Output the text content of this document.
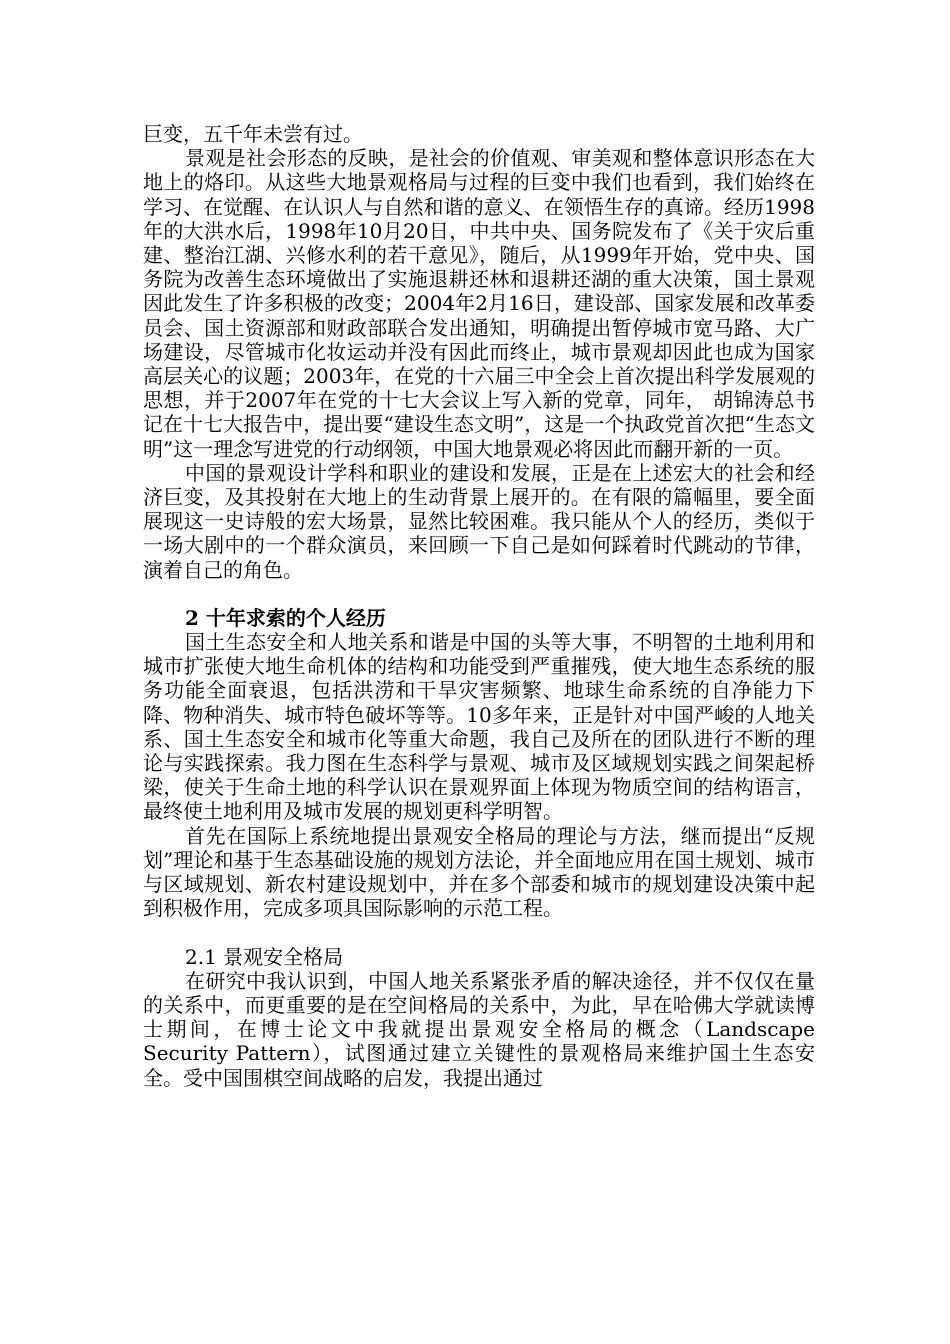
巨变，五千年未尝有过。

景观是社会形态的反映，是社会的价值观、审美观和整体意识形态在大地上的烙印。从这些大地景观格局与过程的巨变中我们也看到，我们始终在学习、在觉醒、在认识人与自然和谐的意义、在领悟生存的真谛。经历1998年的大洪水后，1998年10月20日，中共中央、国务院发布了《关于灾后重建、整治江湖、兴修水利的若干意见》，随后，从1999年开始，党中央、国务院为改善生态环境做出了实施退耕还林和退耕还湖的重大决策，国土景观因此发生了许多积极的改变；2004年2月16日，建设部、国家发展和改革委员会、国土资源部和财政部联合发出通知，明确提出暂停城市宽马路、大广场建设，尽管城市化妆运动并没有因此而终止，城市景观却因此也成为国家高层关心的议题；2003年，在党的十六届三中全会上首次提出科学发展观的思想，并于2007年在党的十七大会议上写入新的党章，同年， 胡锦涛总书记在十七大报告中，提出要“建设生态文明”，这是一个执政党首次把“生态文明”这一理念写进党的行动纲领，中国大地景观必将因此而翻开新的一页。

中国的景观设计学科和职业的建设和发展，正是在上述宏大的社会和经济巨变，及其投射在大地上的生动背景上展开的。在有限的篇幅里，要全面展现这一史诗般的宏大场景，显然比较困难。我只能从个人的经历，类似于一场大剧中的一个群众演员，来回顾一下自己是如何踩着时代跳动的节律，演着自己的角色。

2 十年求索的个人经历

国土生态安全和人地关系和谐是中国的头等大事，不明智的土地利用和城市扩张使大地生命机体的结构和功能受到严重摧残，使大地生态系统的服务功能全面衰退，包括洪涝和干旱灾害频繁、地球生命系统的自净能力下降、物种消失、城市特色破坏等等。10多年来，正是针对中国严峻的人地关系、国土生态安全和城市化等重大命题，我自己及所在的团队进行不断的理论与实践探索。我力图在生态科学与景观、城市及区域规划实践之间架起桥梁，使关于生命土地的科学认识在景观界面上体现为物质空间的结构语言，最终使土地利用及城市发展的规划更科学明智。

首先在国际上系统地提出景观安全格局的理论与方法，继而提出“反规划”理论和基于生态基础设施的规划方法论，并全面地应用在国土规划、城市与区域规划、新农村建设规划中，并在多个部委和城市的规划建设决策中起到积极作用，完成多项具国际影响的示范工程。

2.1 景观安全格局

在研究中我认识到，中国人地关系紧张矛盾的解决途径，并不仅仅在量的关系中，而更重要的是在空间格局的关系中，为此，早在哈佛大学就读博士期间，在博士论文中我就提出景观安全格局的概念（Landscape Security Pattern），试图通过建立关键性的景观格局来维护国土生态安全。受中国围棋空间战略的启发，我提出通过
